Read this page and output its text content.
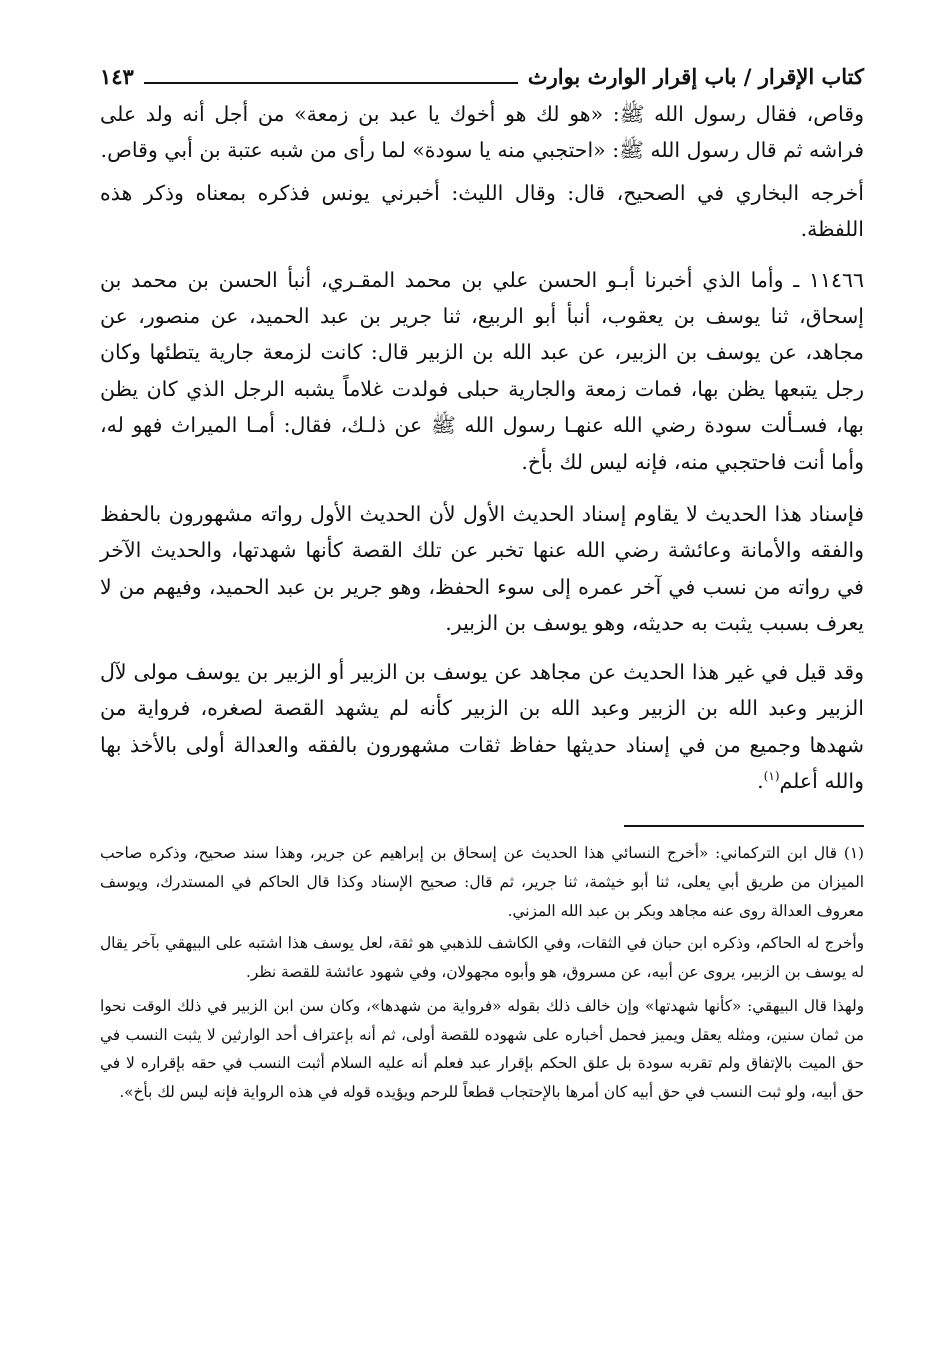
كتاب الإقرار / باب إقرار الوارث بوارث
١٤٣

وقاص، فقال رسول الله ﷺ: «هو لك هو أخوك يا عبد بن زمعة» من أجل أنه ولد على فراشه ثم قال رسول الله ﷺ: «احتجبي منه يا سودة» لما رأى من شبه عتبة بن أبي وقاص.

أخرجه البخاري في الصحيح، قال: وقال الليث: أخبرني يونس فذكره بمعناه وذكر هذه اللفظة.

١١٤٦٦ ـ وأما الذي أخبرنا أبـو الحسن علي بن محمد المقـري، أنبأ الحسن بن محمد بن إسحاق، ثنا يوسف بن يعقوب، أنبأ أبو الربيع، ثنا جرير بن عبد الحميد، عن منصور، عن مجاهد، عن يوسف بن الزبير، عن عبد الله بن الزبير قال: كانت لزمعة جارية يتطئها وكان رجل يتبعها يظن بها، فمات زمعة والجارية حبلى فولدت غلاماً يشبه الرجل الذي كان يظن بها، فسـألت سودة رضي الله عنهـا رسول الله ﷺ عن ذلـك، فقال: أمـا الميراث فهو له، وأما أنت فاحتجبي منه، فإنه ليس لك بأخ.

فإسناد هذا الحديث لا يقاوم إسناد الحديث الأول لأن الحديث الأول رواته مشهورون بالحفظ والفقه والأمانة وعائشة رضي الله عنها تخبر عن تلك القصة كأنها شهدتها، والحديث الآخر في رواته من نسب في آخر عمره إلى سوء الحفظ، وهو جرير بن عبد الحميد، وفيهم من لا يعرف بسبب يثبت به حديثه، وهو يوسف بن الزبير.

وقد قيل في غير هذا الحديث عن مجاهد عن يوسف بن الزبير أو الزبير بن يوسف مولى لآل الزبير وعبد الله بن الزبير وعبد الله بن الزبير كأنه لم يشهد القصة لصغره، فرواية من شهدها وجميع من في إسناد حديثها حفاظ ثقات مشهورون بالفقه والعدالة أولى بالأخذ بها والله أعلم$^{(١)}$.

(١) قال ابن التركماني: «أخرج النسائي هذا الحديث عن إسحاق بن إبراهيم عن جرير، وهذا سند صحيح، وذكره صاحب الميزان من طريق أبي يعلى، ثنا أبو خيثمة، ثنا جرير، ثم قال: صحيح الإسناد وكذا قال الحاكم في المستدرك، ويوسف معروف العدالة روى عنه مجاهد وبكر بن عبد الله المزني.

وأخرج له الحاكم، وذكره ابن حبان في الثقات، وفي الكاشف للذهبي هو ثقة، لعل يوسف هذا اشتبه على البيهقي بآخر يقال له يوسف بن الزبير، يروى عن أبيه، عن مسروق، هو وأبوه مجهولان، وفي شهود عائشة للقصة نظر.

ولهذا قال البيهقي: «كأنها شهدتها» وإن خالف ذلك بقوله «فرواية من شهدها»، وكان سن ابن الزبير في ذلك الوقت نحوا من ثمان سنين، ومثله يعقل ويميز فحمل أخباره على شهوده للقصة أولى، ثم أنه بإعتراف أحد الوارثين لا يثبت النسب في حق الميت بالإتفاق ولم تقربه سودة بل علق الحكم بإقرار عبد فعلم أنه عليه السلام أثبت النسب في حقه بإقراره لا في حق أبيه، ولو ثبت النسب في حق أبيه كان أمرها بالإحتجاب قطعاً للرحم ويؤيده قوله في هذه الرواية فإنه ليس لك بأخ».
